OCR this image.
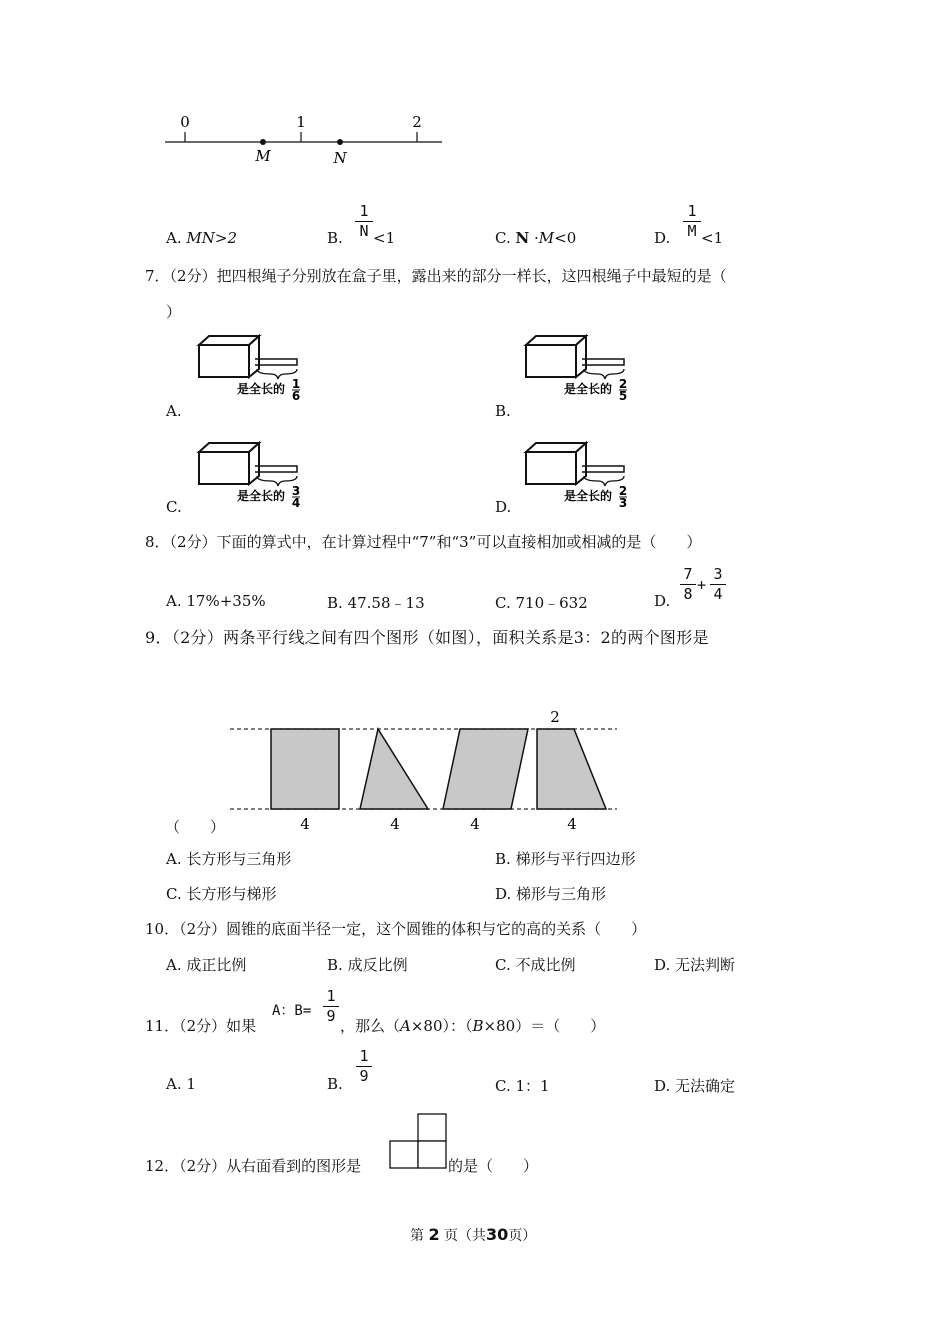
0	1	2
M	N
A. MN>2	B.
1
N <1	C. N ·M<0	D.
1
M <1
7．（2分）把四根绳子分别放在盒子里，露出来的部分一样长，这四根绳子中最短的是（
）
是全长的 1
6
A.
是全长的 2
5
B.
是全长的 3
4
C.
是全长的 2
3
D.
8．（2分）下面的算式中，在计算过程中“7”和“3”可以直接相加或相减的是（　　）
A. 17%+35%	B. 47.58﹣13	C. 710﹣632	D.
7
8 +
3
4
9．（2分）两条平行线之间有四个图形（如图），面积关系是3：2的两个图形是
2
4	4	4	4
（　　）
A. 长方形与三角形	B. 梯形与平行四边形
C. 长方形与梯形	D. 梯形与三角形
10．（2分）圆锥的底面半径一定，这个圆锥的体积与它的高的关系（　　）
A. 成正比例	B. 成反比例	C. 不成比例	D. 无法判断
11．（2分）如果
A：B=
1
9
，那么（A×80）：（B×80）＝（　　）
A. 1	B.
1
9
C. 1：1	D. 无法确定
12．（2分）从右面看到的图形是	的是（　　）
第 2 页（共30页）
